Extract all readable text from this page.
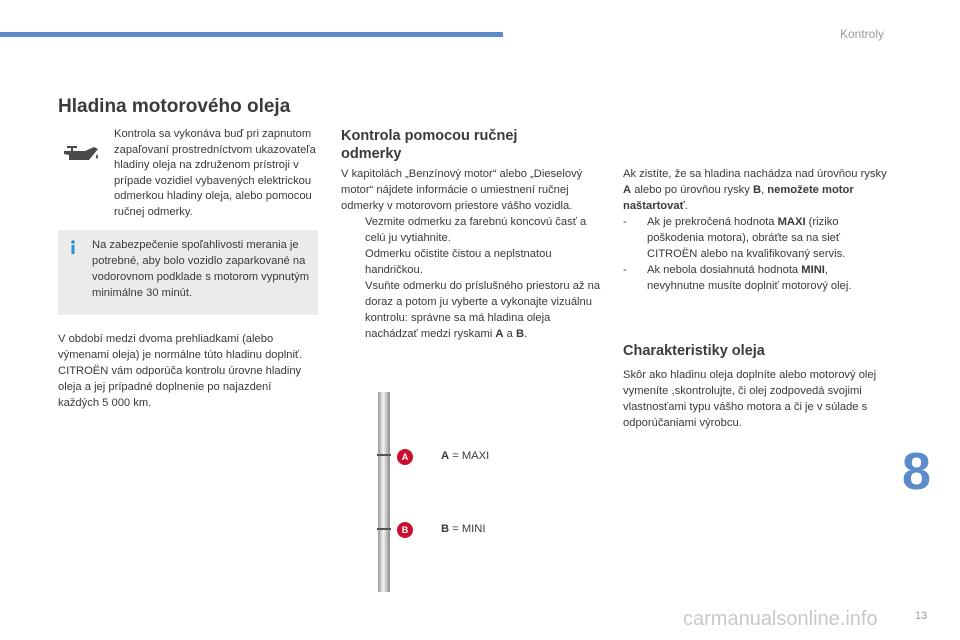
Kontroly
Hladina motorového oleja
Kontrola sa vykonáva buď pri zapnutom zapaľovaní prostredníctvom ukazovateľa hladiny oleja na združenom prístroji v prípade vozidiel vybavených elektrickou odmerkou hladiny oleja, alebo pomocou ručnej odmerky.
Na zabezpečenie spoľahlivosti merania je potrebné, aby bolo vozidlo zaparkované na vodorovnom podklade s motorom vypnutým minimálne 30 minút.
V období medzi dvoma prehliadkami (alebo výmenami oleja) je normálne túto hladinu doplniť. CITROËN vám odporúča kontrolu úrovne hladiny oleja a jej prípadné doplnenie po najazdení každých 5 000 km.
Kontrola pomocou ručnej odmerky
V kapitolách „Benzínový motor“ alebo „Dieselový motor“ nájdete informácie o umiestnení ručnej odmerky v motorovom priestore vášho vozidla.
Vezmite odmerku za farebnú koncovú časť a celú ju vytiahnite.
Odmerku očistite čistou a neplstnatou handričkou.
Vsuňte odmerku do príslušného priestoru až na doraz a potom ju vyberte a vykonajte vizuálnu kontrolu: správne sa má hladina oleja nachádzať medzi ryskami A a B.
Ak zistíte, že sa hladina nachádza nad úrovňou rysky A alebo po úrovňou rysky B, nemožete motor naštartovať.
-	Ak je prekročená hodnota MAXI (riziko poškodenia motora), obráťte sa na sieť CITROËN alebo na kvalifikovaný servis.
-	Ak nebola dosiahnutá hodnota MINI, nevyhnutne musíte doplniť motorový olej.
Charakteristiky oleja
Skôr ako hladinu oleja doplníte alebo motorový olej vymeníte ,skontrolujte, či olej zodpovedá svojimi vlastnosťami typu vášho motora a či je v súlade s odporúčaniami výrobcu.
A
B
A = MAXI
B = MINI
8
carmanualsonline.info	13
